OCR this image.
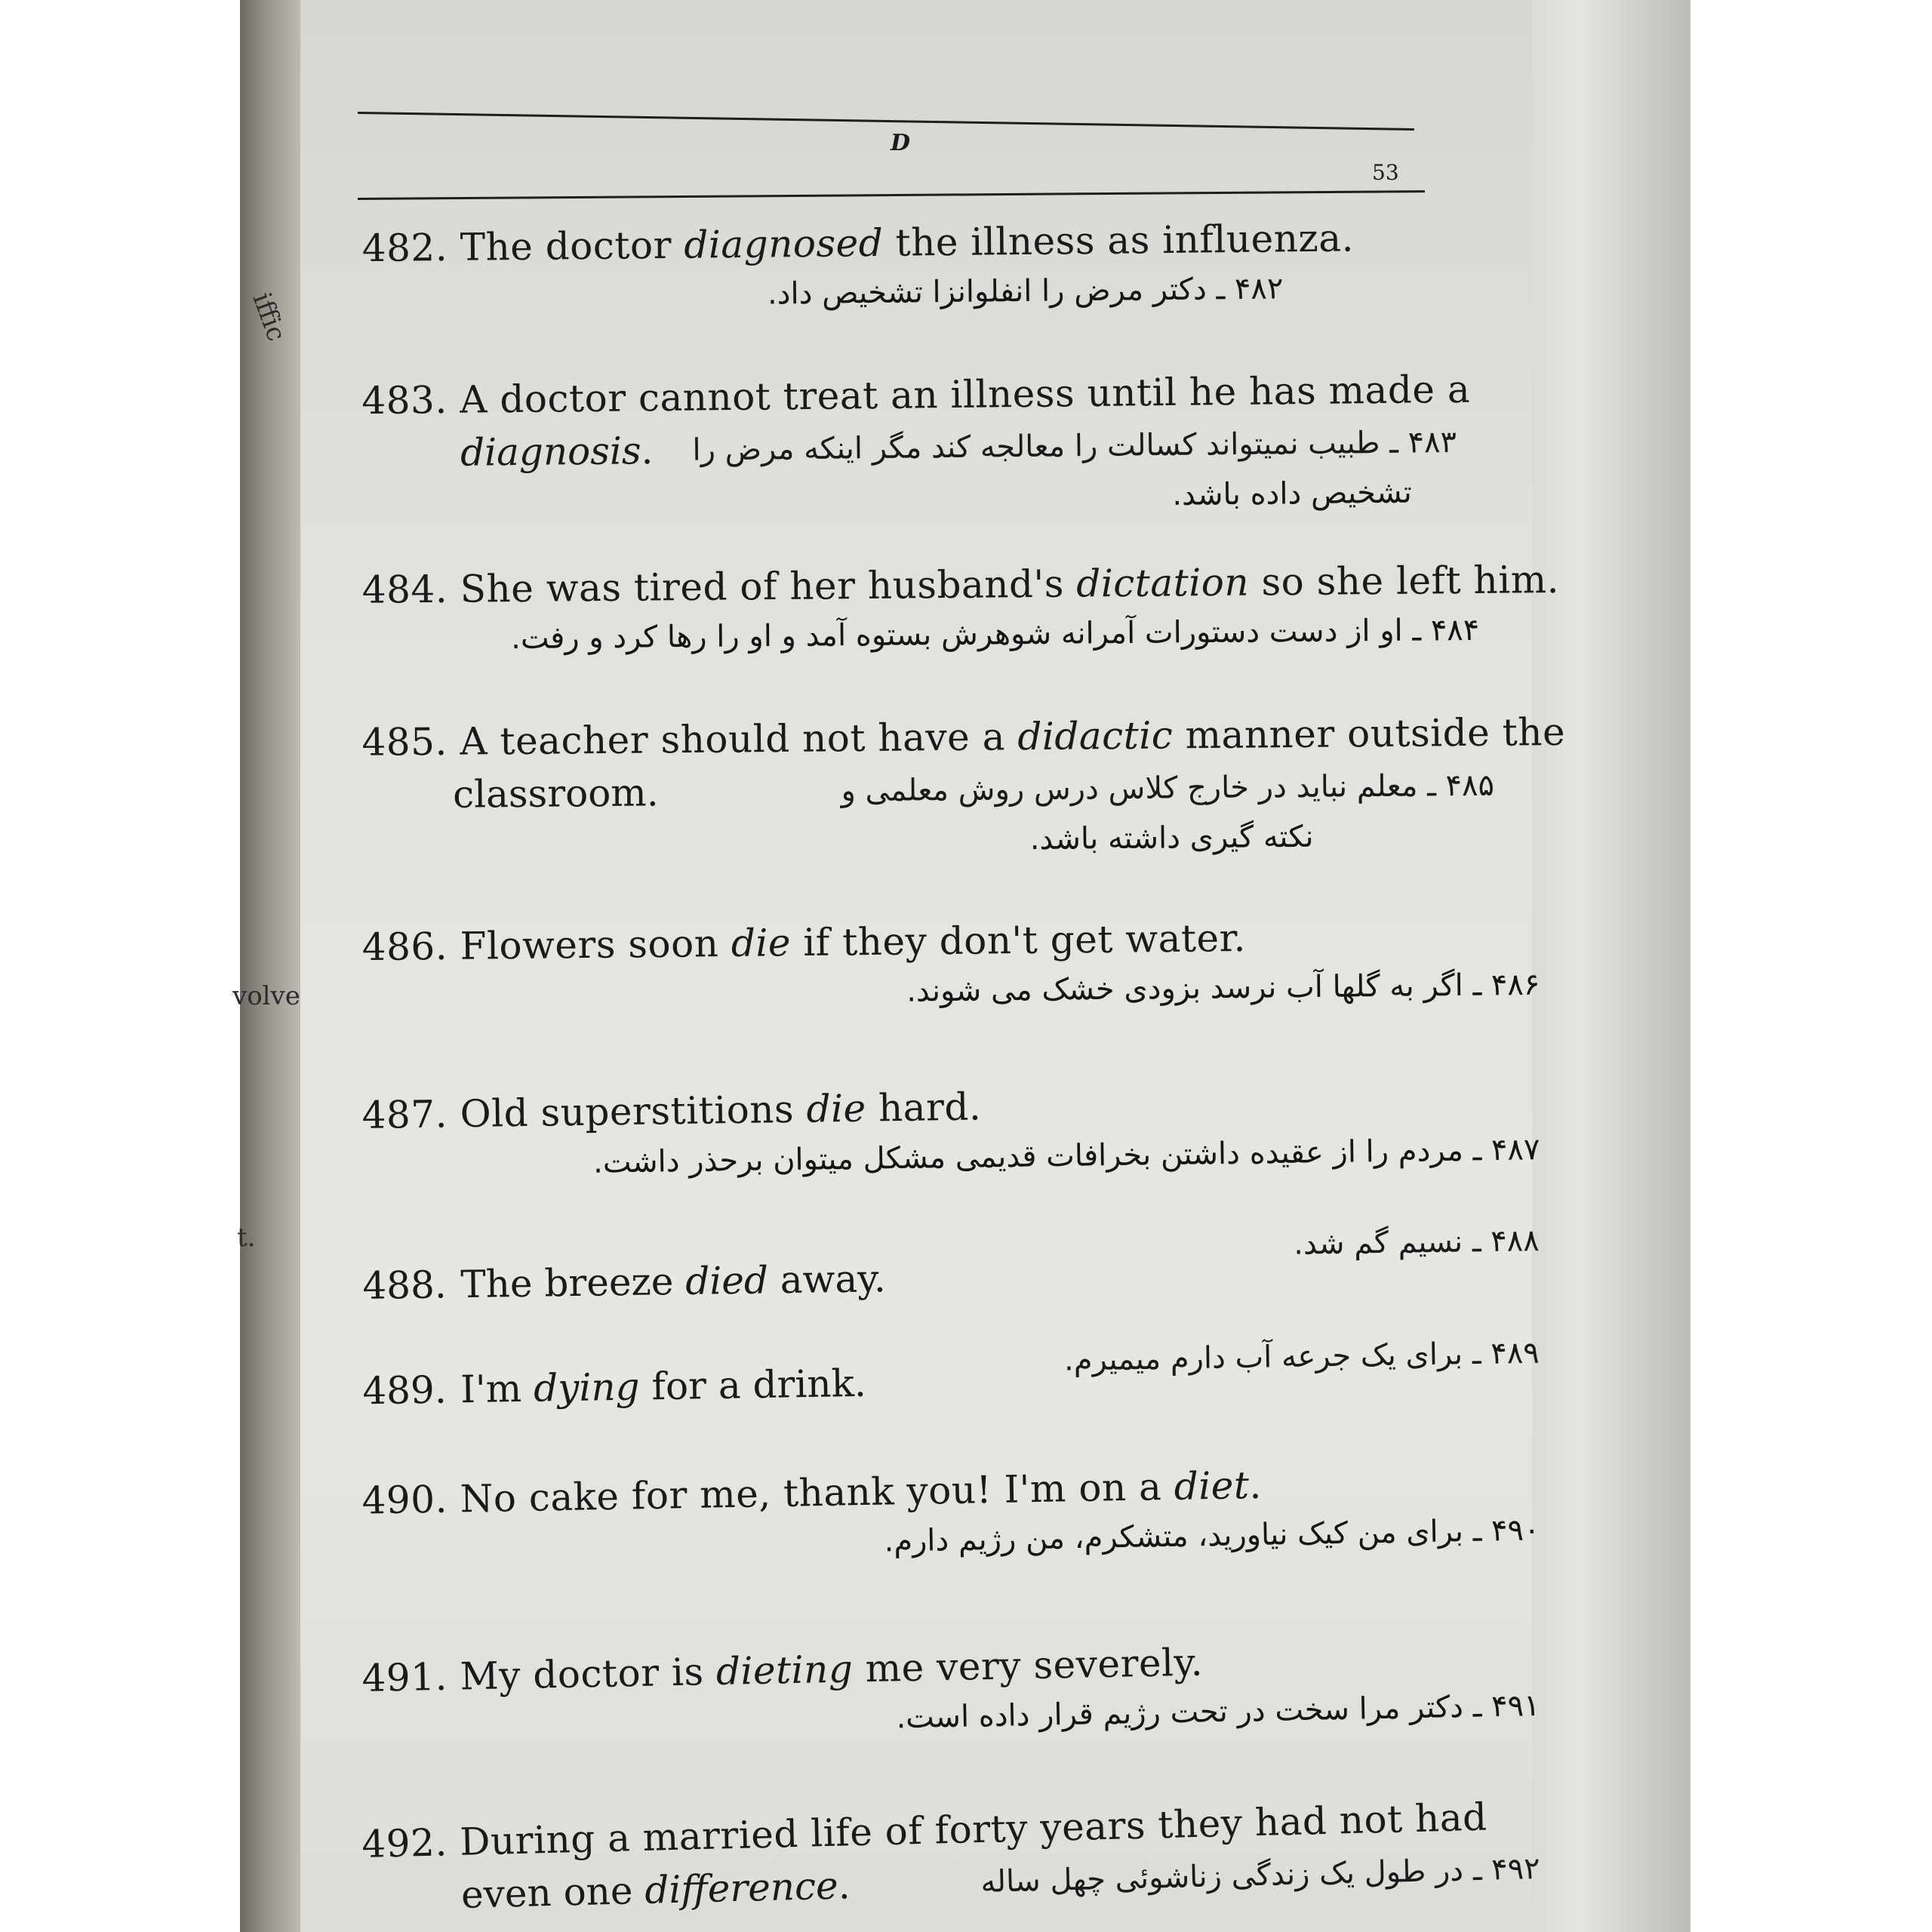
iffic
volve
t.
D
53
482. The doctor diagnosed the illness as influenza.
۴۸۲ ـ دکتر مرض را انفلوانزا تشخیص داد.
483. A doctor cannot treat an illness until he has made a
diagnosis. ۴۸۳ ـ طبیب نمیتواند کسالت را معالجه کند مگر اینکه مرض را
تشخیص داده باشد.
484. She was tired of her husband's dictation so she left him.
۴۸۴ ـ او از دست دستورات آمرانه شوهرش بستوه آمد و او را رها کرد و رفت.
485. A teacher should not have a didactic manner outside the
classroom.	۴۸۵ ـ معلم نباید در خارج کلاس درس روش معلمی و
نکته گیری داشته باشد.
486. Flowers soon die if they don't get water.
۴۸۶ ـ اگر به گلها آب نرسد بزودی خشک می شوند.
487. Old superstitions die hard.
۴۸۷ ـ مردم را از عقیده داشتن بخرافات قدیمی مشکل میتوان برحذر داشت.
488. The breeze died away.
۴۸۸ ـ نسیم گم شد.
489. I'm dying for a drink.
۴۸۹ ـ برای یک جرعه آب دارم میمیرم.
490. No cake for me, thank you! I'm on a diet.
۴۹۰ ـ برای من کیک نیاورید، متشکرم، من رژیم دارم.
491. My doctor is dieting me very severely.
۴۹۱ ـ دکتر مرا سخت در تحت رژیم قرار داده است.
492. During a married life of forty years they had not had
even one difference.	۴۹۲ ـ در طول یک زندگی زناشوئی چهل ساله
